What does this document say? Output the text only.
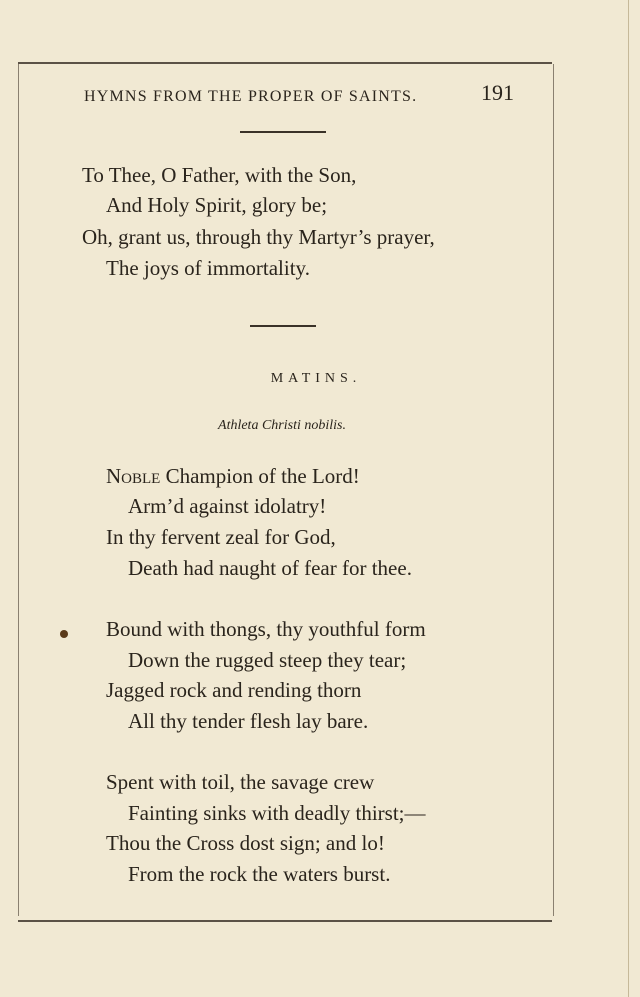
HYMNS FROM THE PROPER OF SAINTS.	191
To Thee, O Father, with the Son,
And Holy Spirit, glory be;
Oh, grant us, through thy Martyr’s prayer,
The joys of immortality.
MATINS.
Athleta Christi nobilis.
Noble Champion of the Lord!
Arm’d against idolatry!
In thy fervent zeal for God,
Death had naught of fear for thee.
Bound with thongs, thy youthful form
Down the rugged steep they tear;
Jagged rock and rending thorn
All thy tender flesh lay bare.
Spent with toil, the savage crew
Fainting sinks with deadly thirst;—
Thou the Cross dost sign; and lo!
From the rock the waters burst.
